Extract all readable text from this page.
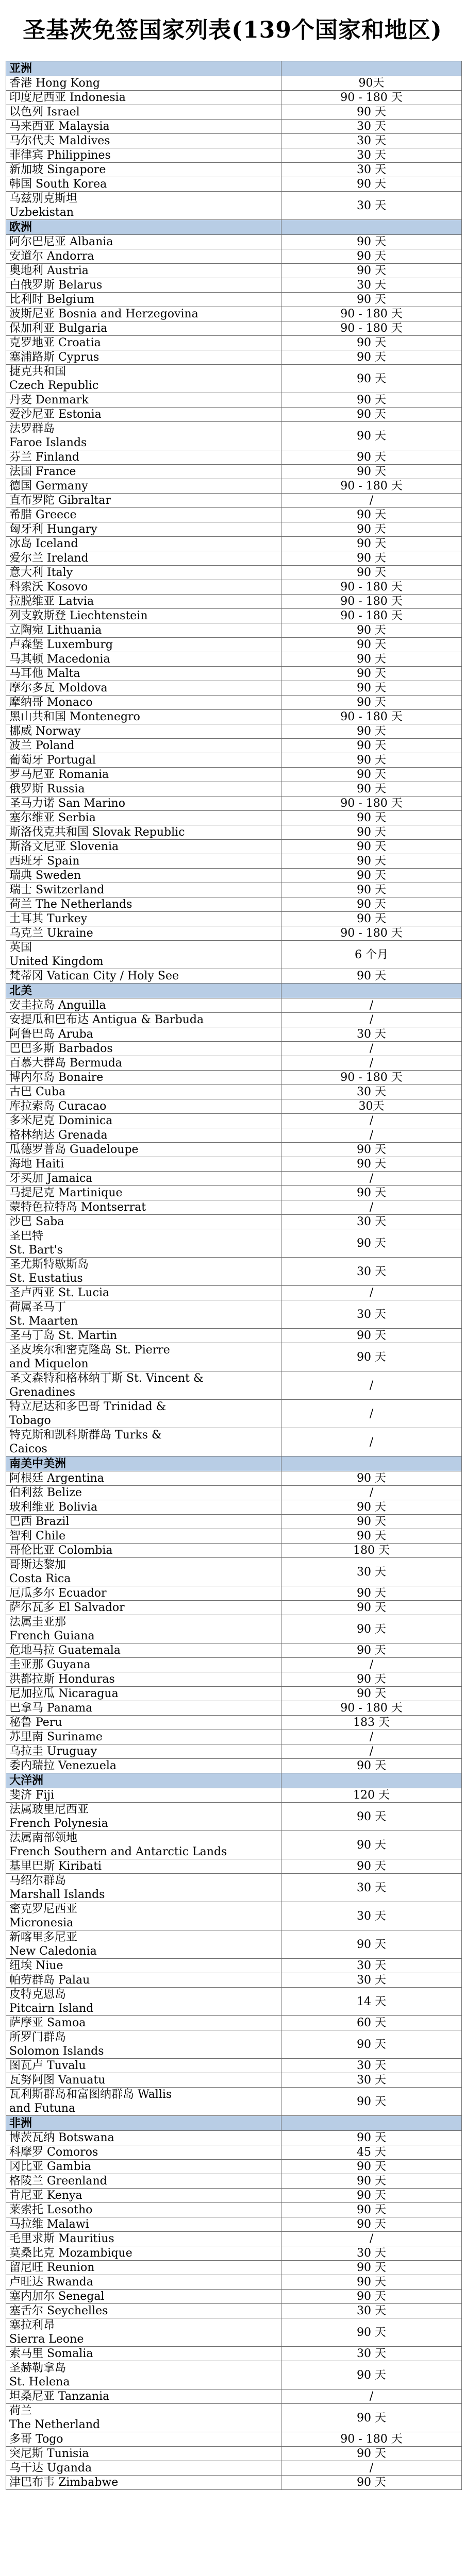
圣基茨免签国家列表(139个国家和地区)
亚洲	
香港 Hong Kong	90天
印度尼西亚 Indonesia	90 - 180 天
以色列 Israel	90 天
马来西亚 Malaysia	30 天
马尔代夫 Maldives	30 天
菲律宾 Philippines	30 天
新加坡 Singapore	30 天
韩国 South Korea	90 天
乌兹别克斯坦
Uzbekistan	30 天
欧洲	
阿尔巴尼亚 Albania	90 天
安道尔 Andorra	90 天
奥地利 Austria	90 天
白俄罗斯 Belarus	30 天
比利时 Belgium	90 天
波斯尼亚 Bosnia and Herzegovina	90 - 180 天
保加利亚 Bulgaria	90 - 180 天
克罗地亚 Croatia	90 天
塞浦路斯 Cyprus	90 天
捷克共和国
Czech Republic	90 天
丹麦 Denmark	90 天
爱沙尼亚 Estonia	90 天
法罗群岛
Faroe Islands	90 天
芬兰 Finland	90 天
法国 France	90 天
德国 Germany	90 - 180 天
直布罗陀 Gibraltar	/
希腊 Greece	90 天
匈牙利 Hungary	90 天
冰岛 Iceland	90 天
爱尔兰 Ireland	90 天
意大利 Italy	90 天
科索沃 Kosovo	90 - 180 天
拉脱维亚 Latvia	90 - 180 天
列支敦斯登 Liechtenstein	90 - 180 天
立陶宛 Lithuania	90 天
卢森堡 Luxemburg	90 天
马其顿 Macedonia	90 天
马耳他 Malta	90 天
摩尔多瓦 Moldova	90 天
摩纳哥 Monaco	90 天
黑山共和国 Montenegro	90 - 180 天
挪威 Norway	90 天
波兰 Poland	90 天
葡萄牙 Portugal	90 天
罗马尼亚 Romania	90 天
俄罗斯 Russia	90 天
圣马力诺 San Marino	90 - 180 天
塞尔维亚 Serbia	90 天
斯洛伐克共和国 Slovak Republic	90 天
斯洛文尼亚 Slovenia	90 天
西班牙 Spain	90 天
瑞典 Sweden	90 天
瑞士 Switzerland	90 天
荷兰 The Netherlands	90 天
土耳其 Turkey	90 天
乌克兰 Ukraine	90 - 180 天
英国
United Kingdom	6 个月
梵蒂冈 Vatican City / Holy See	90 天
北美	
安圭拉岛 Anguilla	/
安提瓜和巴布达 Antigua & Barbuda	/
阿鲁巴岛 Aruba	30 天
巴巴多斯 Barbados	/
百慕大群岛 Bermuda	/
博内尔岛 Bonaire	90 - 180 天
古巴 Cuba	30 天
库拉索岛 Curacao	30天
多米尼克 Dominica	/
格林纳达 Grenada	/
瓜德罗普岛 Guadeloupe	90 天
海地 Haiti	90 天
牙买加 Jamaica	/
马提尼克 Martinique	90 天
蒙特色拉特岛 Montserrat	/
沙巴 Saba	30 天
圣巴特
St. Bart's	90 天
圣尤斯特歇斯岛
St. Eustatius	30 天
圣卢西亚 St. Lucia	/
荷属圣马丁
St. Maarten	30 天
圣马丁岛 St. Martin	90 天
圣皮埃尔和密克隆岛 St. Pierre
and Miquelon	90 天
圣文森特和格林纳丁斯 St. Vincent &
Grenadines	/
特立尼达和多巴哥 Trinidad &
Tobago	/
特克斯和凯科斯群岛 Turks &
Caicos	/
南美中美洲	
阿根廷 Argentina	90 天
伯利兹 Belize	/
玻利维亚 Bolivia	90 天
巴西 Brazil	90 天
智利 Chile	90 天
哥伦比亚 Colombia	180 天
哥斯达黎加
Costa Rica	30 天
厄瓜多尔 Ecuador	90 天
萨尔瓦多 El Salvador	90 天
法属圭亚那
French Guiana	90 天
危地马拉 Guatemala	90 天
圭亚那 Guyana	/
洪都拉斯 Honduras	90 天
尼加拉瓜 Nicaragua	90 天
巴拿马 Panama	90 - 180 天
秘鲁 Peru	183 天
苏里南 Suriname	/
乌拉圭 Uruguay	/
委内瑞拉 Venezuela	90 天
大洋洲	
斐济 Fiji	120 天
法属玻里尼西亚
French Polynesia	90 天
法属南部领地
French Southern and Antarctic Lands	90 天
基里巴斯 Kiribati	90 天
马绍尔群岛
Marshall Islands	30 天
密克罗尼西亚
Micronesia	30 天
新喀里多尼亚
New Caledonia	90 天
纽埃 Niue	30 天
帕劳群岛 Palau	30 天
皮特克恩岛
Pitcairn Island	14 天
萨摩亚 Samoa	60 天
所罗门群岛
Solomon Islands	90 天
图瓦卢 Tuvalu	30 天
瓦努阿图 Vanuatu	30 天
瓦利斯群岛和富图纳群岛 Wallis
and Futuna	90 天
非洲	
博茨瓦纳 Botswana	90 天
科摩罗 Comoros	45 天
冈比亚 Gambia	90 天
格陵兰 Greenland	90 天
肯尼亚 Kenya	90 天
莱索托 Lesotho	90 天
马拉维 Malawi	90 天
毛里求斯 Mauritius	/
莫桑比克 Mozambique	30 天
留尼旺 Reunion	90 天
卢旺达 Rwanda	90 天
塞内加尔 Senegal	90 天
塞舌尔 Seychelles	30 天
塞拉利昂
Sierra Leone	90 天
索马里 Somalia	30 天
圣赫勒拿岛
St. Helena	90 天
坦桑尼亚 Tanzania	/
荷兰
The Netherland	90 天
多哥 Togo	90 - 180 天
突尼斯 Tunisia	90 天
乌干达 Uganda	/
津巴布韦 Zimbabwe	90 天
